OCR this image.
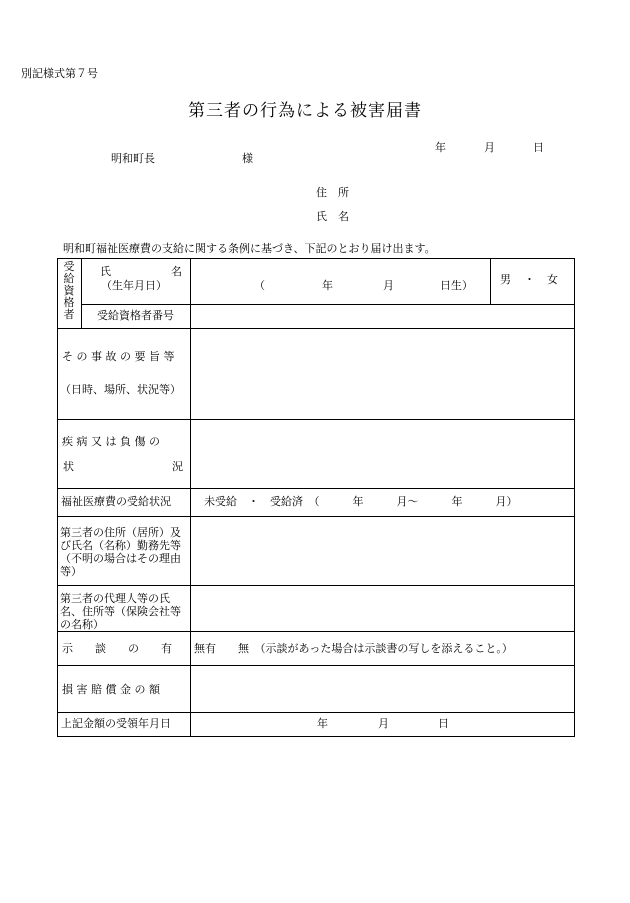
別記様式第７号
第三者の行為による被害届書
年	月	日
明和町長	様
住　所
氏　名
明和町福祉医療費の支給に関する条例に基づき、下記のとおり届け出ます。
受
給
資
格
者
氏	名
（生年月日）	（	年	月	日生） 男 ・ 女
受給資格者番号
そ の 事 故 の 要 旨 等
（日時、場所、状況等）
疾 病 又 は 負 傷 の
状	況
福祉医療費の受給状況	未受給　・　受給済　（　　　年　　　月～　　　年　　　月）
第三者の住所（居所）及び氏名（名称）勤務先等（不明の場合はその理由等）
第三者の代理人等の氏名、住所等（保険会社等の名称）
示　　談　　の　　有　　無 有　　無　（示談があった場合は示談書の写しを添えること。）
損 害 賠 償 金 の 額
上記金額の受領年月日	年	月	日
